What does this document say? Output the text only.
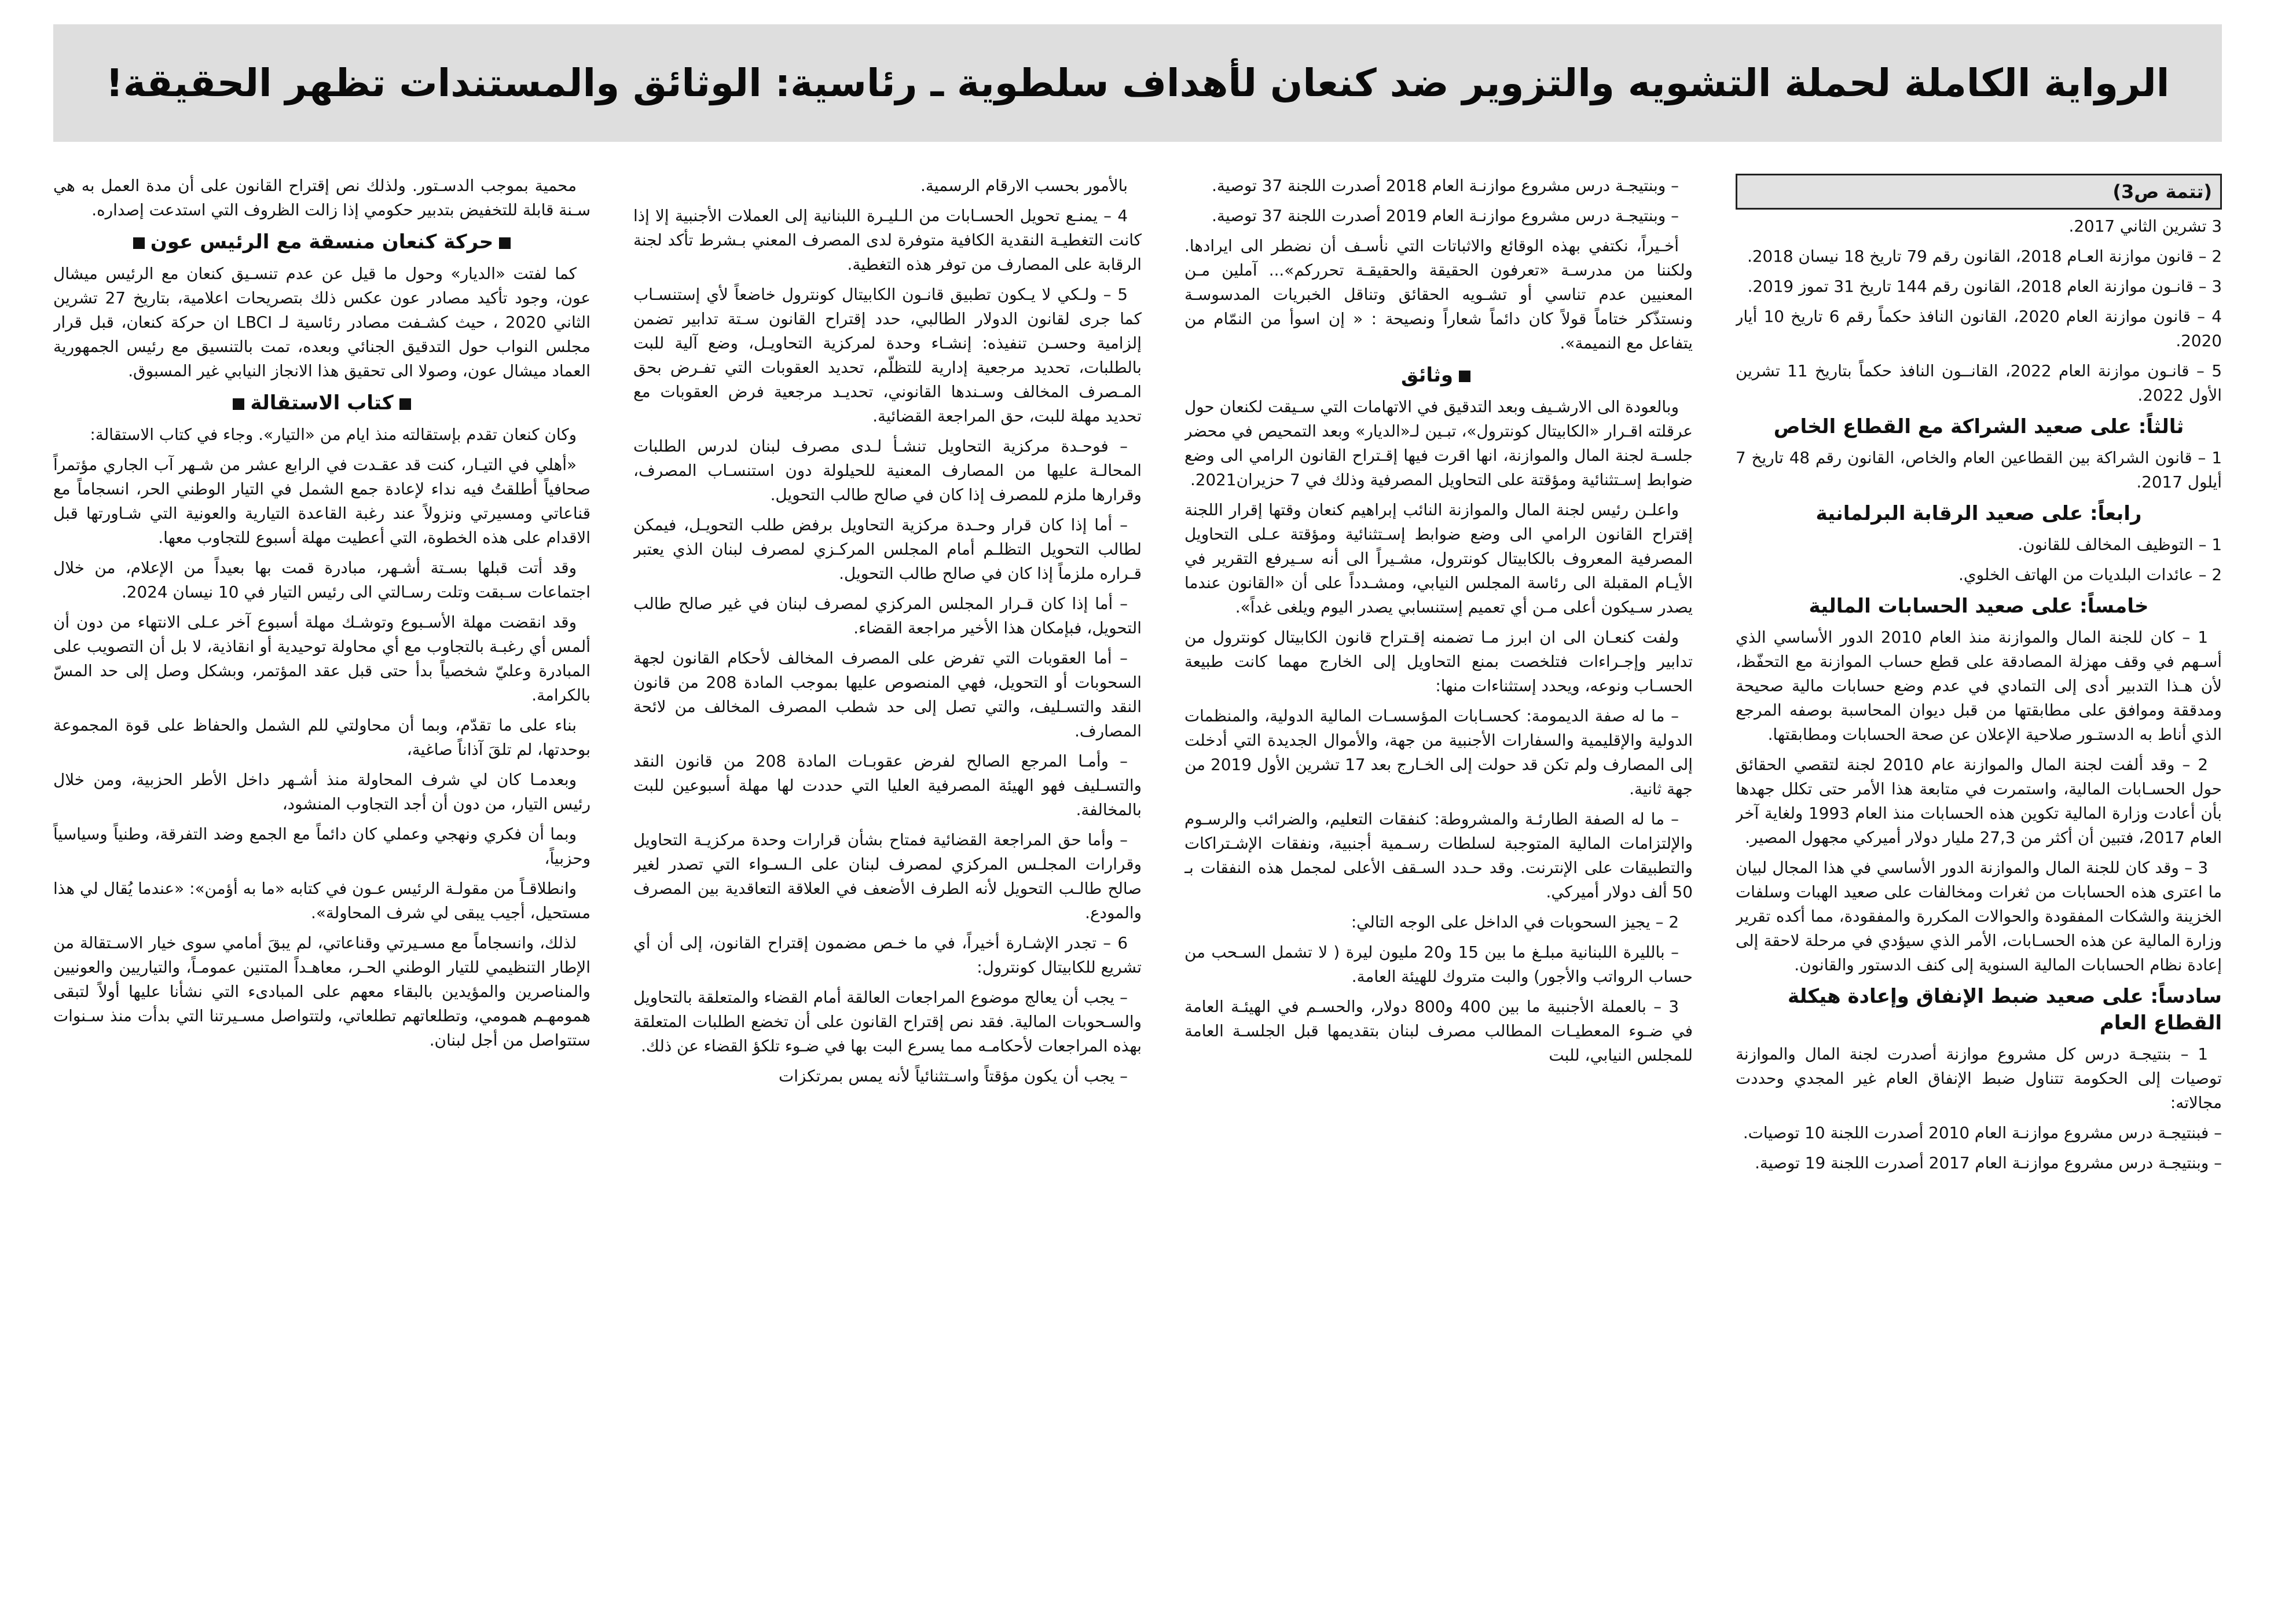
الرواية الكاملة لحملة التشويه والتزوير ضد كنعان لأهداف سلطوية ـ رئاسية: الوثائق والمستندات تظهر الحقيقة!
(تتمة ص3)

3 تشرين الثاني 2017.

2 – قانون موازنة العـام 2018، القانون رقم 79 تاريخ 18 نيسان 2018.

3 – قانـون موازنة العام 2018، القانون رقم 144 تاريخ 31 تموز 2019.

4 – قانون موازنة العام 2020، القانون النافذ حكماً رقم 6 تاريخ 10 أيار 2020.

5 – قانـون موازنة العام 2022، القانــون النافذ حكماً بتاريخ 11 تشرين الأول 2022.

ثالثاً: على صعيد الشراكة مع القطاع الخاص

1 – قانون الشراكة بين القطاعين العام والخاص، القانون رقم 48 تاريخ 7 أيلول 2017.

رابعاً: على صعيد الرقابة البرلمانية

1 – التوظيف المخالف للقانون.

2 – عائدات البلديات من الهاتف الخلوي.

خامساً: على صعيد الحسابات المالية

1 – كان للجنة المال والموازنة منذ العام 2010 الدور الأساسي الذي أسـهم في وقف مهزلة المصادقة على قطع حساب الموازنة مع التحفّظ، لأن هـذا التدبير أدى إلى التمادي في عدم وضع حسابات مالية صحيحة ومدققة وموافق على مطابقتها من قبل ديوان المحاسبة بوصفه المرجع الذي أناط به الدستـور صلاحية الإعلان عن صحة الحسابات ومطابقتها.

2 – وقد ألفت لجنة المال والموازنة عام 2010 لجنة لتقصي الحقائق حول الحسـابات المالية، واستمرت في متابعة هذا الأمر حتى تكلل جهدها بأن أعادت وزارة المالية تكوين هذه الحسابات منذ العام 1993 ولغاية آخر العام 2017، فتبين أن أكثر من 27,3 مليار دولار أميركي مجهول المصير.

3 – وقد كان للجنة المال والموازنة الدور الأساسي في هذا المجال لبيان ما اعترى هذه الحسابات من ثغرات ومخالفات على صعيد الهبات وسلفات الخزينة والشكات المفقودة والحوالات المكررة والمفقودة، مما أكده تقرير وزارة المالية عن هذه الحسـابات، الأمر الذي سيؤدي في مرحلة لاحقة إلى إعادة نظام الحسابات المالية السنوية إلى كنف الدستور والقانون.

سادساً: على صعيد ضبط الإنفاق وإعادة هيكلة القطاع العام

1 – بنتيجـة درس كل مشروع موازنة أصدرت لجنة المال والموازنة توصيات إلى الحكومة تتناول ضبط الإنفاق العام غير المجدي وحددت مجالاته:

– فبنتيجـة درس مشروع موازنـة العام 2010 أصدرت اللجنة 10 توصيات.

– وبنتيجـة درس مشروع موازنـة العام 2017 أصدرت اللجنة 19 توصية.

– وبنتيجـة درس مشروع موازنـة العام 2018 أصدرت اللجنة 37 توصية.

– وبنتيجـة درس مشروع موازنـة العام 2019 أصدرت اللجنة 37 توصية.

أخـيراً، نكتفي بهذه الوقائع والاثباتات التي نأسـف أن نضطر الى ايرادها. ولكننا من مدرسـة «تعرفون الحقيقة والحقيقـة تحرركم»... آملين مـن المعنيين عدم تناسي أو تشـويه الحقائق وتناقل الخبريات المدسوسـة ونستذّكر ختاماً قولاً كان دائماً شعاراً ونصيحة : « إن اسوأ من النمّام من يتفاعل مع النميمة».

وثائق

وبالعودة الى الارشـيف وبعد التدقيق في الاتهامات التي سـيقت لكنعان حول عرقلته اقـرار «الكابيتال كونترول»، تبـين لـ«الديار» وبعد التمحيص في محضر جلسـة لجنة المال والموازنة، انها اقرت فيها إقـتراح القانون الرامي الى وضع ضوابط إسـتثنائية ومؤقتة على التحاويل المصرفية وذلك في 7 حزيران2021.

واعلـن رئيس لجنة المال والموازنة النائب إبراهيم كنعان وقتها إقرار اللجنة إقتراح القانون الرامي الى وضع ضوابط إسـتثنائية ومؤقتة عـلى التحاويل المصرفية المعروف بالكابيتال كونترول، مشـيراً الى أنه سـيرفع التقرير في الأيـام المقبلة الى رئاسة المجلس النيابي، ومشـدداً على أن «القانون عندما يصدر سـيكون أعلى مـن أي تعميم إستنسابي يصدر اليوم ويلغى غداً».

ولفت كنعـان الى ان ابرز مـا تضمنه إقـتراح قانون الكابيتال كونترول من تدابير وإجـراءات فتلخصت بمنع التحاويل إلى الخارج مهما كانت طبيعة الحسـاب ونوعه، ويحدد إستثناءات منها:

– ما له صفة الديمومة: كحسـابات المؤسسـات المالية الدولية، والمنظمات الدولية والإقليمية والسفارات الأجنبية من جهة، والأموال الجديدة التي أدخلت إلى المصارف ولم تكن قد حولت إلى الخـارج بعد 17 تشرين الأول 2019 من جهة ثانية.

– ما له الصفة الطارئـة والمشروطة: كنفقات التعليم، والضرائب والرسـوم والإلتزامات المالية المتوجبة لسلطات رسـمية أجنبية، ونفقات الإشـتراكات والتطبيقات على الإنترنت. وقد حـدد السـقف الأعلى لمجمل هذه النفقات بـ 50 ألف دولار أميركي.

2 – يجيز السحوبات في الداخل على الوجه التالي:

– بالليرة اللبنانية مبلـغ ما بين 15 و20 مليون ليرة ( لا تشمل السـحب من حساب الرواتب والأجور) والبت متروك للهيئة العامة.

3 – بالعملة الأجنبية ما بين 400 و800 دولار، والحسـم في الهيئـة العامة في ضـوء المعطيـات المطالب مصرف لبنان بتقديمها قبل الجلسـة العامة للمجلس النيابي، للبت

بالأمور بحسب الارقام الرسمية.

4 – يمنـع تحويل الحسـابات من الـليـرة اللبنانية إلى العملات الأجنبية إلا إذا كانت التغطيـة النقدية الكافية متوفرة لدى المصرف المعني بـشرط تأكد لجنة الرقابة على المصارف من توفر هذه التغطية.

5 – ولـكي لا يـكون تطبيق قانـون الكابيتال كونترول خاضعاً لأي إستنسـاب كما جرى لقانون الدولار الطالبي، حدد إقتراح القانون سـتة تدابير تضمن إلزامية وحسـن تنفيذه: إنشـاء وحدة لمركزية التحاويـل، وضع آلية للبت بالطلبات، تحديد مرجعية إدارية للتظلّم، تحديد العقوبات التي تفـرض بحق المـصرف المخالف وسـندها القانوني، تحديـد مرجعية فرض العقوبات مع تحديد مهلة للبت، حق المراجعة القضائية.

– فوحـدة مركزية التحاويل تنشـأ لـدى مصرف لبنان لدرس الطلبات المحالـة عليها من المصارف المعنية للحيلولة دون استنسـاب المصرف، وقرارها ملزم للمصرف إذا كان في صالح طالب التحويل.

– أما إذا كان قرار وحـدة مركزية التحاويل برفض طلب التحويـل، فيمكن لطالب التحويل التظلـم أمام المجلس المركـزي لمصرف لبنان الذي يعتبر قـراره ملزماً إذا كان في صالح طالب التحويل.

– أما إذا كان قـرار المجلس المركزي لمصرف لبنان في غير صالح طالب التحويل، فبإمكان هذا الأخير مراجعة القضاء.

– أما العقوبات التي تفرض على المصرف المخالف لأحكام القانون لجهة السحوبات أو التحويل، فهي المنصوص عليها بموجب المادة 208 من قانون النقد والتسـليف، والتي تصل إلى حد شطب المصرف المخالف من لائحة المصارف.

– وأمـا المرجع الصالح لفرض عقوبـات المادة 208 من قانون النقد والتسـليف فهو الهيئة المصرفية العليا التي حددت لها مهلة أسبوعين للبت بالمخالفة.

– وأما حق المراجعة القضائية فمتاح بشأن قرارات وحدة مركزيـة التحاويل وقرارات المجلـس المركزي لمصرف لبنان على الـسـواء التي تصدر لغير صالح طالـب التحويل لأنه الطرف الأضعف في العلاقة التعاقدية بين المصرف والمودع.

6 – تجدر الإشـارة أخيراً، في ما خـص مضمون إقتراح القانون، إلى أن أي تشريع للكابيتال كونترول:

– يجب أن يعالج موضوع المراجعات العالقة أمام القضاء والمتعلقة بالتحاويل والسـحوبات المالية. فقد نص إقتراح القانون على أن تخضع الطلبات المتعلقة بهذه المراجعات لأحكامـه مما يسرع البت بها في ضـوء تلكؤ القضاء عن ذلك.

– يجب أن يكون مؤقتاً واسـتثنائياً لأنه يمس بمرتكزات

محمية بموجب الدسـتور. ولذلك نص إقتراح القانون على أن مدة العمل به هي سـنة قابلة للتخفيض بتدبير حكومي إذا زالت الظروف التي استدعت إصداره.

حركة كنعان منسقة مع الرئيس عون

كما لفتت «الديار» وحول ما قيل عن عدم تنسـيق كنعان مع الرئيس ميشال عون، وجود تأكيد مصادر عون عكس ذلك بتصريحات اعلامية، بتاريخ 27 تشرين الثاني 2020 ، حيث كشـفت مصادر رئاسية لـ LBCI ان حركة كنعان، قبل قرار مجلس النواب حول التدقيق الجنائي وبعده، تمت بالتنسيق مع رئيس الجمهورية العماد ميشال عون، وصولا الى تحقيق هذا الانجاز النيابي غير المسبوق.

كتاب الاستقالة

وكان كنعان تقدم بإستقالته منذ ايام من «التيار». وجاء في كتاب الاستقالة:

«أهلي في التيـار، كنت قد عقـدت في الرابع عشر من شـهر آب الجاري مؤتمراً صحافياً أطلقتُ فيه نداء لإعادة جمع الشمل في التيار الوطني الحر، انسجاماً مع قناعاتي ومسيرتي ونزولاً عند رغبة القاعدة التيارية والعونية التي شـاورتها قبل الاقدام على هذه الخطوة، التي أعطيت مهلة أسبوع للتجاوب معها.

وقد أتت قبلها بسـتة أشـهر، مبادرة قمت بها بعيداً من الإعلام، من خلال اجتماعات سـبقت وتلت رسـالتي الى رئيس التيار في 10 نيسان 2024.

وقد انقضت مهلة الأسـبوع وتوشـك مهلة أسبوع آخر عـلى الانتهاء من دون أن ألمس أي رغبـة بالتجاوب مع أي محاولة توحيدية أو انقاذية، لا بل أن التصويب على المبادرة وعليّ شخصياً بدأ حتى قبل عقد المؤتمر، وبشكل وصل إلى حد المسّ بالكرامة.

بناء على ما تقدّم، وبما أن محاولتي للم الشمل والحفاظ على قوة المجموعة بوحدتها، لم تلقَ آذاناً صاغية،

وبعدمـا كان لي شرف المحاولة منذ أشـهر داخل الأطر الحزبية، ومن خلال رئيس التيار، من دون أن أجد التجاوب المنشود،

وبما أن فكري ونهجي وعملي كان دائماً مع الجمع وضد التفرقة، وطنياً وسياسياً وحزبياً،

وانطلاقـاً من مقولـة الرئيس عـون في كتابه «ما به أؤمن»: «عندما يُقال لي هذا مستحيل، أجيب يبقى لي شرف المحاولة».

لذلك، وانسجاماً مع مسـيرتي وقناعاتي، لم يبقَ أمامي سوى خيار الاسـتقالة من الإطار التنظيمي للتيار الوطني الحـر، معاهـداً المتنين عمومـاً، والتياريين والعونيين والمناصرين والمؤيدين بالبقاء معهم على المبادىء التي نشأنا عليها أولاً لتبقى همومهـم همومي، وتطلعاتهم تطلعاتي، ولتتواصل مسـيرتنا التي بدأت منذ سـنوات ستتواصل من أجل لبنان.
